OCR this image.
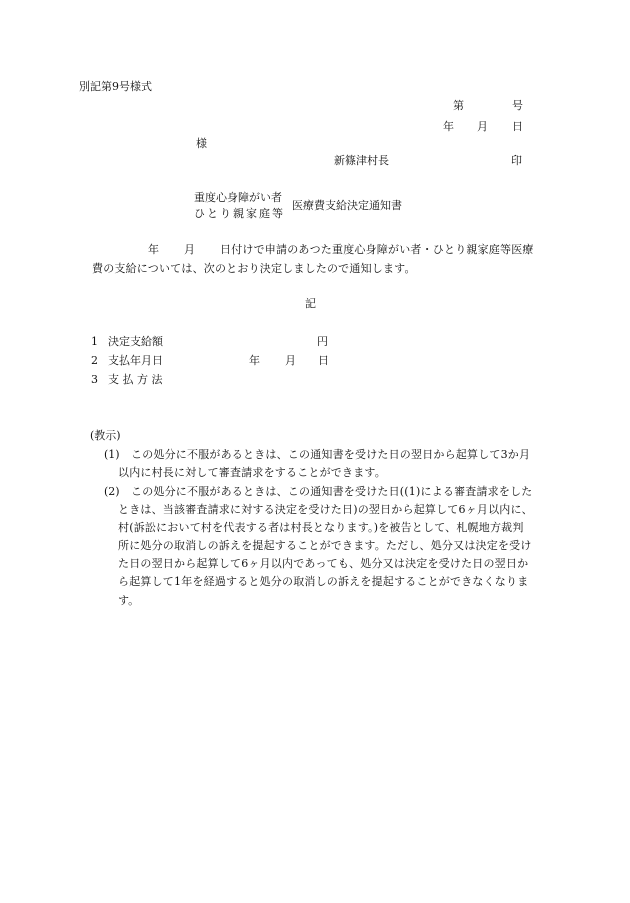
別記第9号様式
第	号
年 月 日
様
新篠津村長	印
重度心身障がい者
ひとり親家庭等
医療費支給決定通知書
年 月 日付けで申請のあつた重度心身障がい者・ひとり親家庭等医療
費の支給については、次のとおり決定しましたので通知します。
記
1 決定支給額	円
2 支払年月日	年 月 日
3 支 払 方 法
(教示)
(1) この処分に不服があるときは、この通知書を受けた日の翌日から起算して3か月
以内に村長に対して審査請求をすることができます。
(2) この処分に不服があるときは、この通知書を受けた日((1)による審査請求をした
ときは、当該審査請求に対する決定を受けた日)の翌日から起算して6ヶ月以内に、
村(訴訟において村を代表する者は村長となります。)を被告として、札幌地方裁判
所に処分の取消しの訴えを提起することができます。ただし、処分又は決定を受け
た日の翌日から起算して6ヶ月以内であっても、処分又は決定を受けた日の翌日か
ら起算して1年を経過すると処分の取消しの訴えを提起することができなくなりま
す。
